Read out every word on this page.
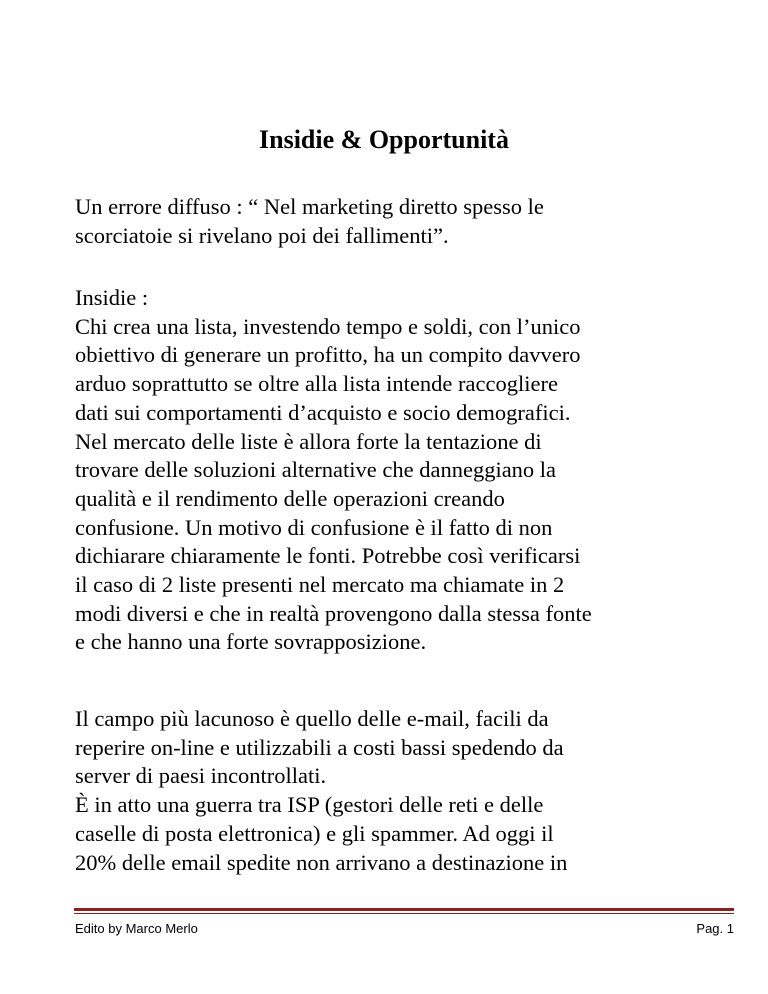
Insidie & Opportunità

Un errore diffuso : “ Nel marketing diretto spesso le
scorciatoie si rivelano poi dei fallimenti”.

Insidie :
Chi crea una lista, investendo tempo e soldi, con l’unico
obiettivo di generare un profitto, ha un compito davvero
arduo soprattutto se oltre alla lista intende raccogliere
dati sui comportamenti d’acquisto e socio demografici.
Nel mercato delle liste è allora forte la tentazione di
trovare delle soluzioni alternative che danneggiano la
qualità e il rendimento delle operazioni creando
confusione. Un motivo di confusione è il fatto di non
dichiarare chiaramente le fonti. Potrebbe così verificarsi
il caso di 2 liste presenti nel mercato ma chiamate in 2
modi diversi e che in realtà provengono dalla stessa fonte
e che hanno una forte sovrapposizione.

Il campo più lacunoso è quello delle e-mail, facili da
reperire on-line e utilizzabili a costi bassi spedendo da
server di paesi incontrollati.
È in atto una guerra tra ISP (gestori delle reti e delle
caselle di posta elettronica) e gli spammer. Ad oggi il
20% delle email spedite non arrivano a destinazione in

Edito by Marco Merlo	Pag. 1
